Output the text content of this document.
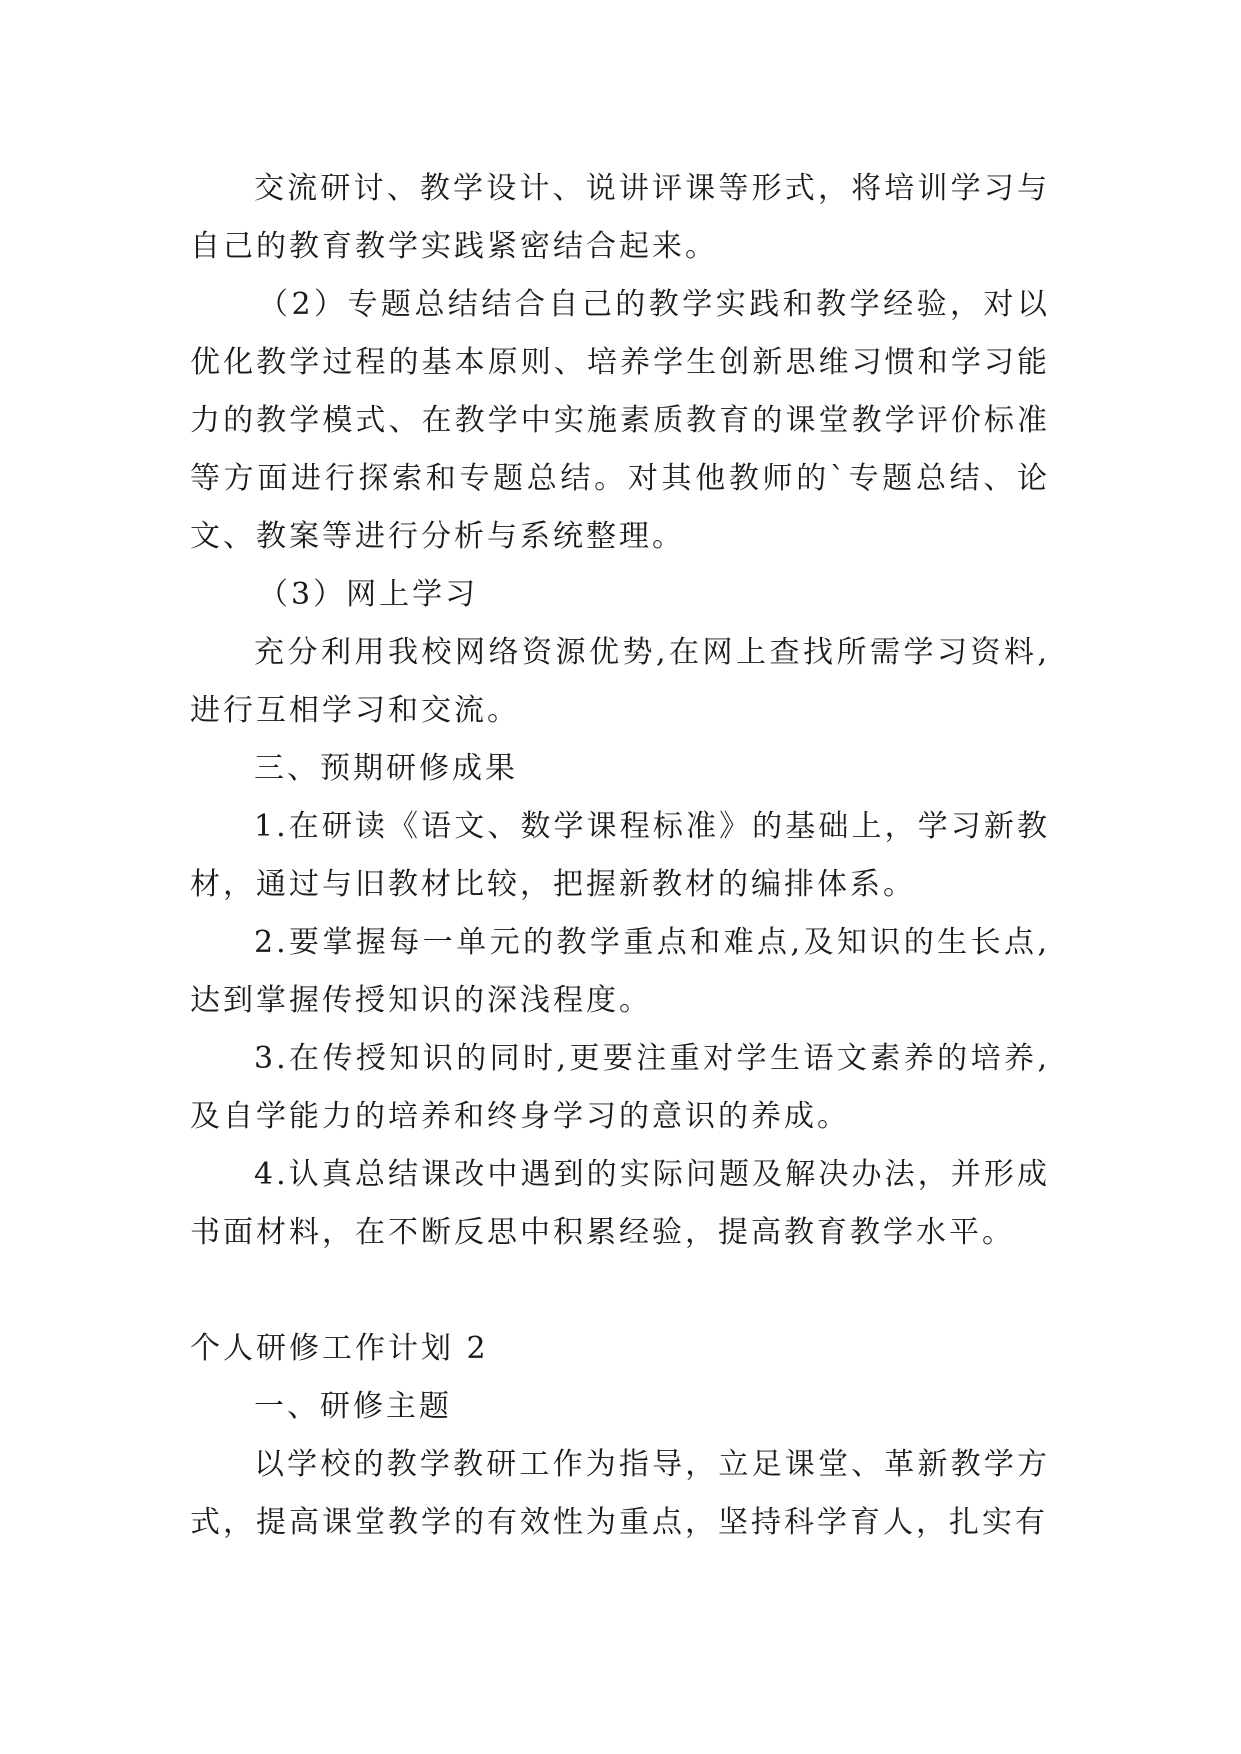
交流研讨、教学设计、说讲评课等形式，将培训学习与自己的教育教学实践紧密结合起来。

（2）专题总结结合自己的教学实践和教学经验，对以优化教学过程的基本原则、培养学生创新思维习惯和学习能力的教学模式、在教学中实施素质教育的课堂教学评价标准等方面进行探索和专题总结。对其他教师的`专题总结、论文、教案等进行分析与系统整理。

（3）网上学习

充分利用我校网络资源优势,在网上查找所需学习资料,进行互相学习和交流。

三、预期研修成果

1.在研读《语文、数学课程标准》的基础上，学习新教材，通过与旧教材比较，把握新教材的编排体系。

2.要掌握每一单元的教学重点和难点,及知识的生长点,达到掌握传授知识的深浅程度。

3.在传授知识的同时,更要注重对学生语文素养的培养,及自学能力的培养和终身学习的意识的养成。

4.认真总结课改中遇到的实际问题及解决办法，并形成书面材料，在不断反思中积累经验，提高教育教学水平。

个人研修工作计划 2

一、研修主题

以学校的教学教研工作为指导，立足课堂、革新教学方式，提高课堂教学的有效性为重点，坚持科学育人，扎实有
